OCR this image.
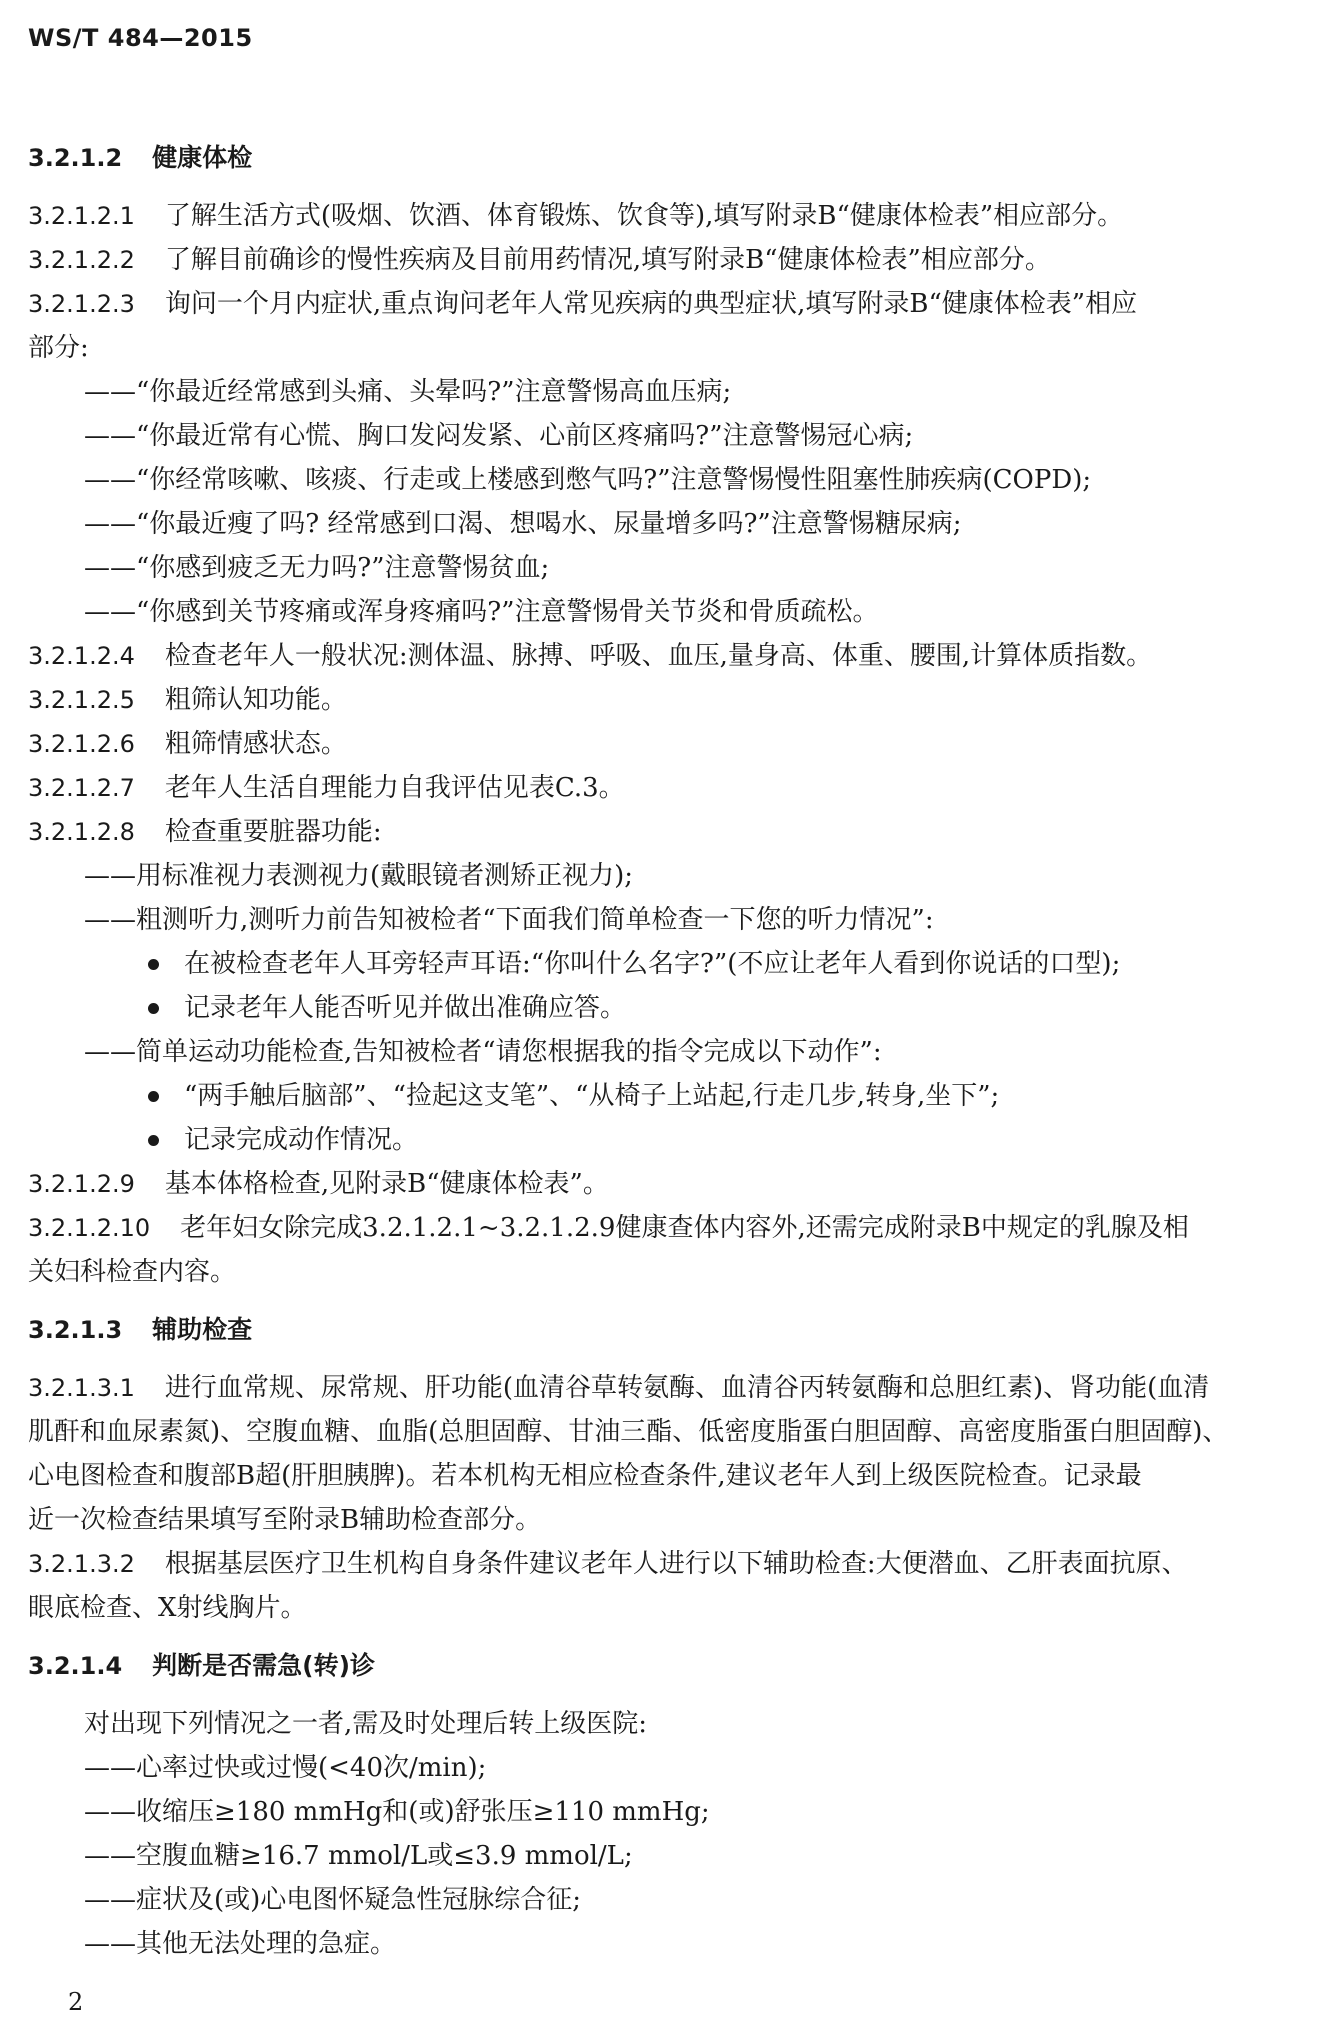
WS/T 484—2015

3.2.1.2 健康体检

3.2.1.2.1 了解生活方式(吸烟、饮酒、体育锻炼、饮食等),填写附录B“健康体检表”相应部分。

3.2.1.2.2 了解目前确诊的慢性疾病及目前用药情况,填写附录B“健康体检表”相应部分。

3.2.1.2.3 询问一个月内症状,重点询问老年人常见疾病的典型症状,填写附录B“健康体检表”相应

部分:

——“你最近经常感到头痛、头晕吗?”注意警惕高血压病;

——“你最近常有心慌、胸口发闷发紧、心前区疼痛吗?”注意警惕冠心病;

——“你经常咳嗽、咳痰、行走或上楼感到憋气吗?”注意警惕慢性阻塞性肺疾病(COPD);

——“你最近瘦了吗? 经常感到口渴、想喝水、尿量增多吗?”注意警惕糖尿病;

——“你感到疲乏无力吗?”注意警惕贫血;

——“你感到关节疼痛或浑身疼痛吗?”注意警惕骨关节炎和骨质疏松。

3.2.1.2.4 检查老年人一般状况:测体温、脉搏、呼吸、血压,量身高、体重、腰围,计算体质指数。

3.2.1.2.5 粗筛认知功能。

3.2.1.2.6 粗筛情感状态。

3.2.1.2.7 老年人生活自理能力自我评估见表C.3。

3.2.1.2.8 检查重要脏器功能:

——用标准视力表测视力(戴眼镜者测矫正视力);

——粗测听力,测听力前告知被检者“下面我们简单检查一下您的听力情况”:

在被检查老年人耳旁轻声耳语:“你叫什么名字?”(不应让老年人看到你说话的口型);

记录老年人能否听见并做出准确应答。

——简单运动功能检查,告知被检者“请您根据我的指令完成以下动作”:

“两手触后脑部”、“捡起这支笔”、“从椅子上站起,行走几步,转身,坐下”;

记录完成动作情况。

3.2.1.2.9 基本体格检查,见附录B“健康体检表”。

3.2.1.2.10 老年妇女除完成3.2.1.2.1~3.2.1.2.9健康查体内容外,还需完成附录B中规定的乳腺及相

关妇科检查内容。

3.2.1.3 辅助检查

3.2.1.3.1 进行血常规、尿常规、肝功能(血清谷草转氨酶、血清谷丙转氨酶和总胆红素)、肾功能(血清

肌酐和血尿素氮)、空腹血糖、血脂(总胆固醇、甘油三酯、低密度脂蛋白胆固醇、高密度脂蛋白胆固醇)、

心电图检查和腹部B超(肝胆胰脾)。若本机构无相应检查条件,建议老年人到上级医院检查。记录最

近一次检查结果填写至附录B辅助检查部分。

3.2.1.3.2 根据基层医疗卫生机构自身条件建议老年人进行以下辅助检查:大便潜血、乙肝表面抗原、

眼底检查、X射线胸片。

3.2.1.4 判断是否需急(转)诊

对出现下列情况之一者,需及时处理后转上级医院:

——心率过快或过慢(<40次/min);

——收缩压≥180 mmHg和(或)舒张压≥110 mmHg;

——空腹血糖≥16.7 mmol/L或≤3.9 mmol/L;

——症状及(或)心电图怀疑急性冠脉综合征;

——其他无法处理的急症。

2
